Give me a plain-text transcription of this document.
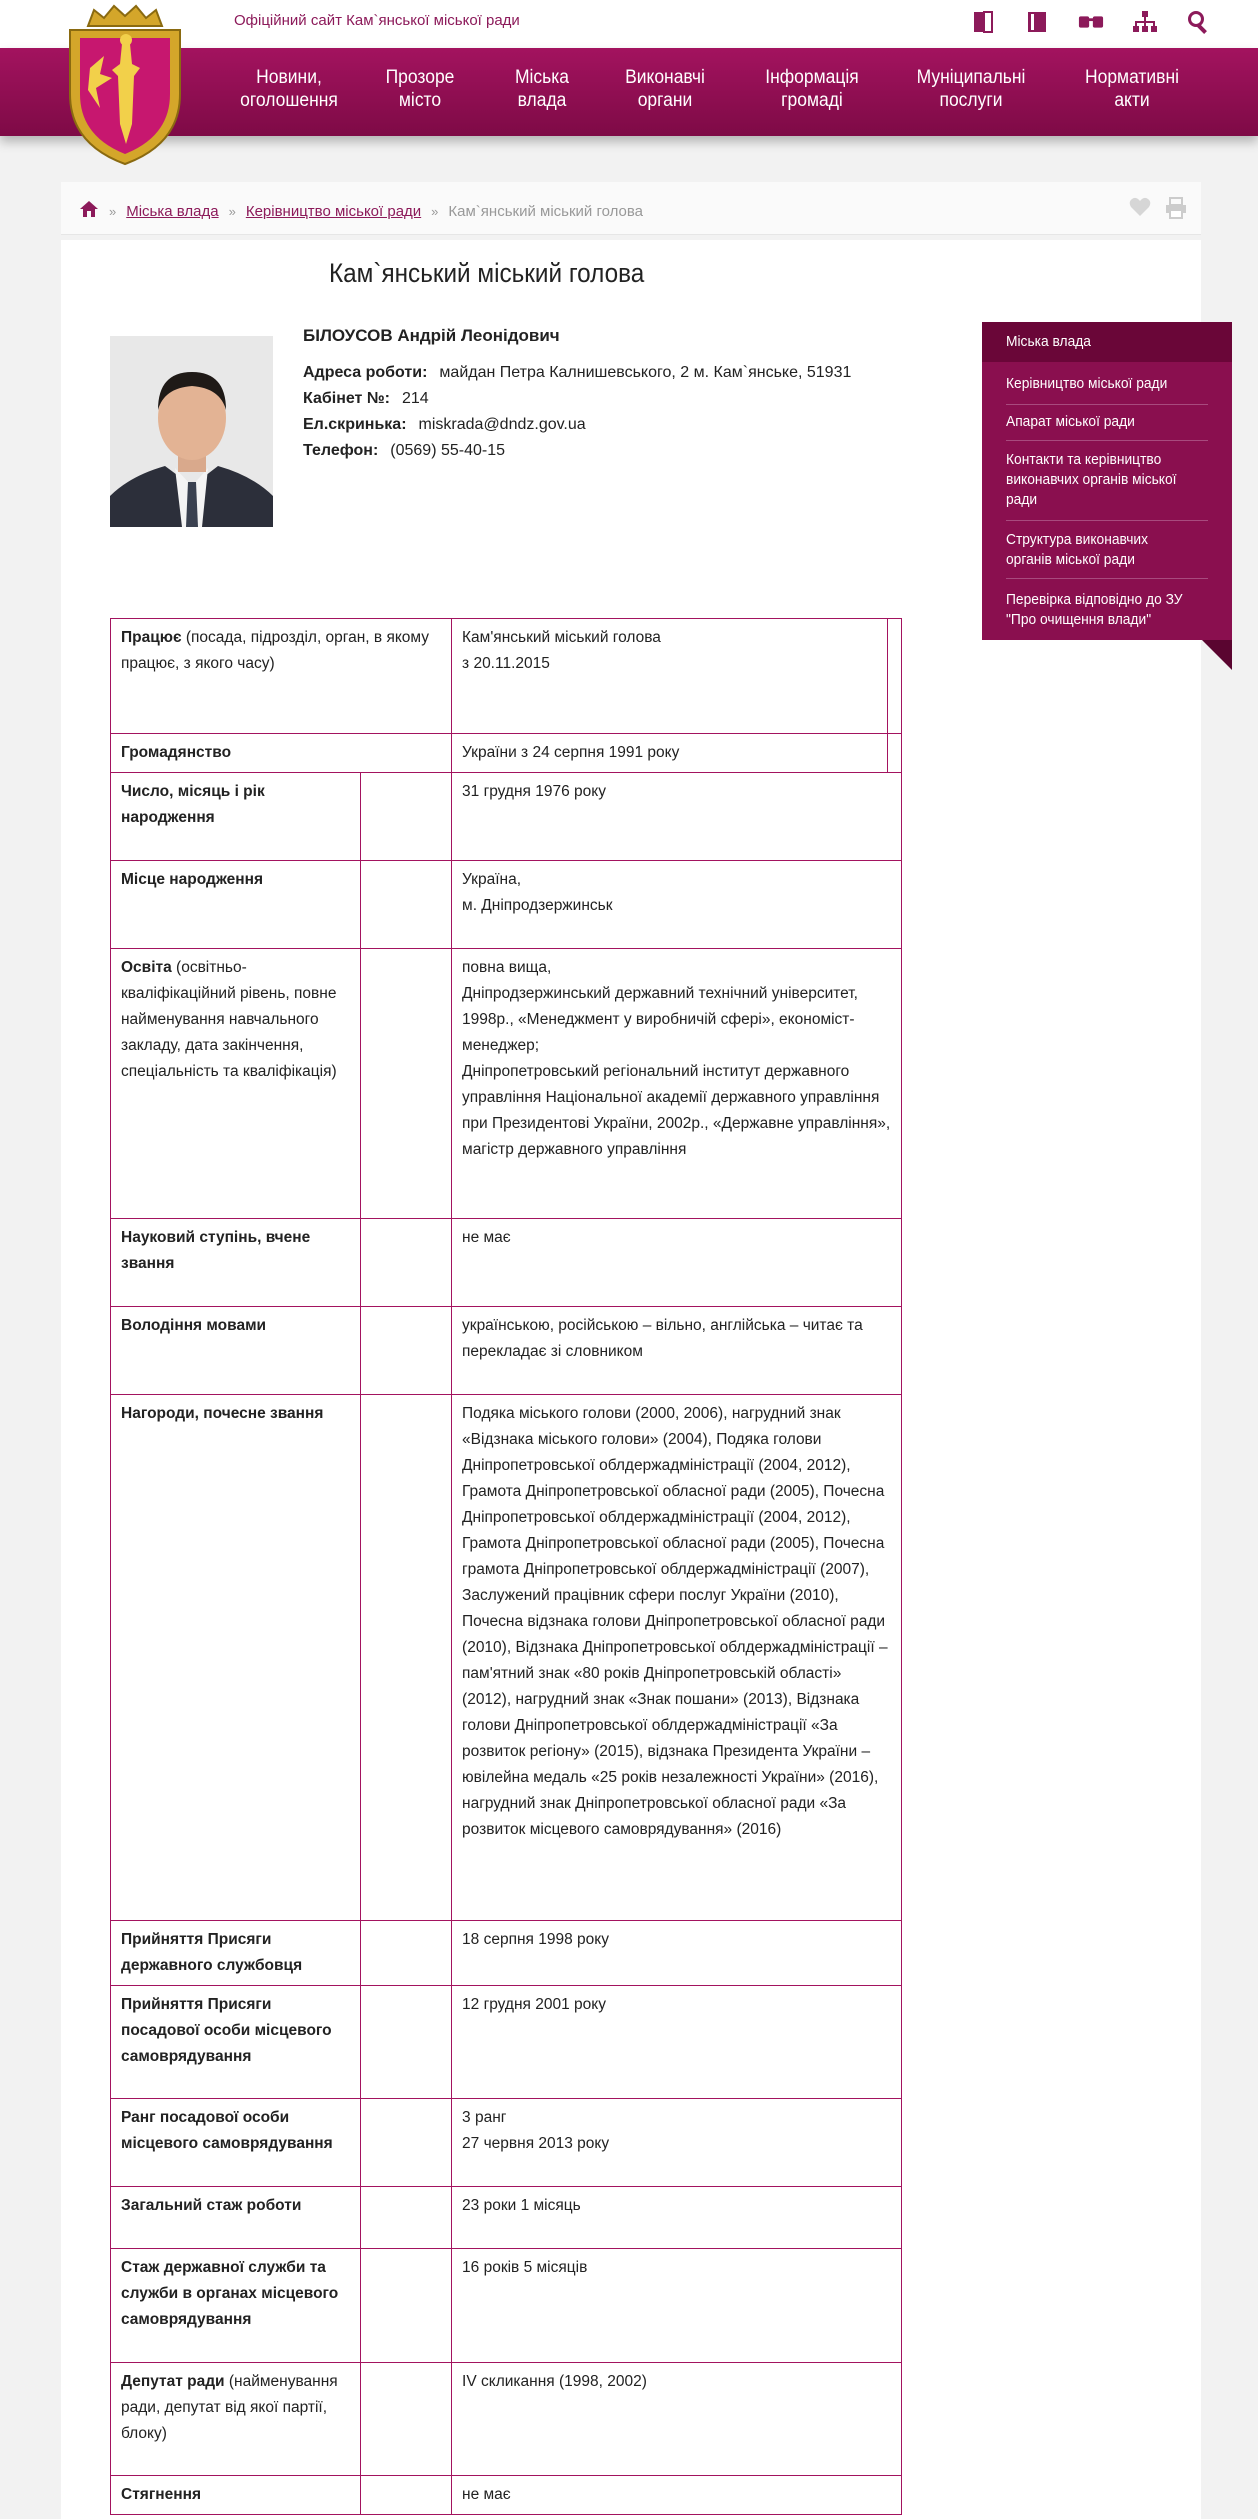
Офіційний сайт Кам`янської міської ради
Новини,
оголошення
Прозоре
місто
Міська
влада
Виконавчі
органи
Інформація
громаді
Муніципальні
послуги
Нормативні
акти
» Міська влада » Керівництво міської ради » Кам`янський міський голова
Кам`янський міський голова
БІЛОУСОВ Андрій Леонідович
Адреса роботи: майдан Петра Калнишевського, 2 м. Кам`янське, 51931
Кабінет №: 214
Ел.скринька: miskrada@dndz.gov.ua
Телефон: (0569) 55-40-15
Міська влада
Керівництво міської ради
Апарат міської ради
Контакти та керівництво виконавчих органів міської ради
Структура виконавчих органів міської ради
Перевірка відповідно до ЗУ "Про очищення влади"
Працює (посада, підрозділ, орган, в якому працює, з якого часу)		Кам'янський міський голова
з 20.11.2015	
Громадянство		України з 24 серпня 1991 року	
Число, місяць і рік народження		31 грудня 1976 року	
Місце народження		Україна,
м. Дніпродзержинськ	
Освіта (освітньо-кваліфікаційний рівень, повне найменування навчального закладу, дата закінчення, спеціальність та кваліфікація)		повна вища,
Дніпродзержинський державний технічний університет, 1998р., «Менеджмент у виробничій сфері», економіст-менеджер;
Дніпропетровський регіональний інститут державного управління Національної академії державного управління при Президентові України, 2002р., «Державне управління», магістр державного управління	
Науковий ступінь, вчене звання		не має	
Володіння мовами		українською, російською – вільно, англійська – читає та перекладає зі словником	
Нагороди, почесне звання		Подяка міського голови (2000, 2006), нагрудний знак «Відзнака міського голови» (2004), Подяка голови Дніпропетровської облдержадміністрації (2004, 2012), Грамота Дніпропетровської обласної ради (2005), Почесна
Дніпропетровської облдержадміністрації (2004, 2012), Грамота Дніпропетровської обласної ради (2005), Почесна грамота Дніпропетровської облдержадміністрації (2007), Заслужений працівник сфери послуг України (2010), Почесна відзнака голови Дніпропетровської обласної ради (2010), Відзнака Дніпропетровської облдержадміністрації – пам'ятний знак «80 років Дніпропетровській області» (2012), нагрудний знак «Знак пошани» (2013), Відзнака голови Дніпропетровської облдержадміністрації «За розвиток регіону» (2015), відзнака Президента України – ювілейна медаль «25 років незалежності України» (2016), нагрудний знак Дніпропетровської обласної ради «За розвиток місцевого самоврядування» (2016)	

Прийняття Присяги державного службовця		18 серпня 1998 року	
Прийняття Присяги посадової особи місцевого самоврядування		12 грудня 2001 року	
Ранг посадової особи місцевого самоврядування		3 ранг
27 червня 2013 року	
Загальний стаж роботи		23 роки 1 місяць	
Стаж державної служби та служби в органах місцевого самоврядування		16 років 5 місяців	
Депутат ради (найменування ради, депутат від якої партії, блоку)		IV скликання (1998, 2002)	
Стягнення		не має	
